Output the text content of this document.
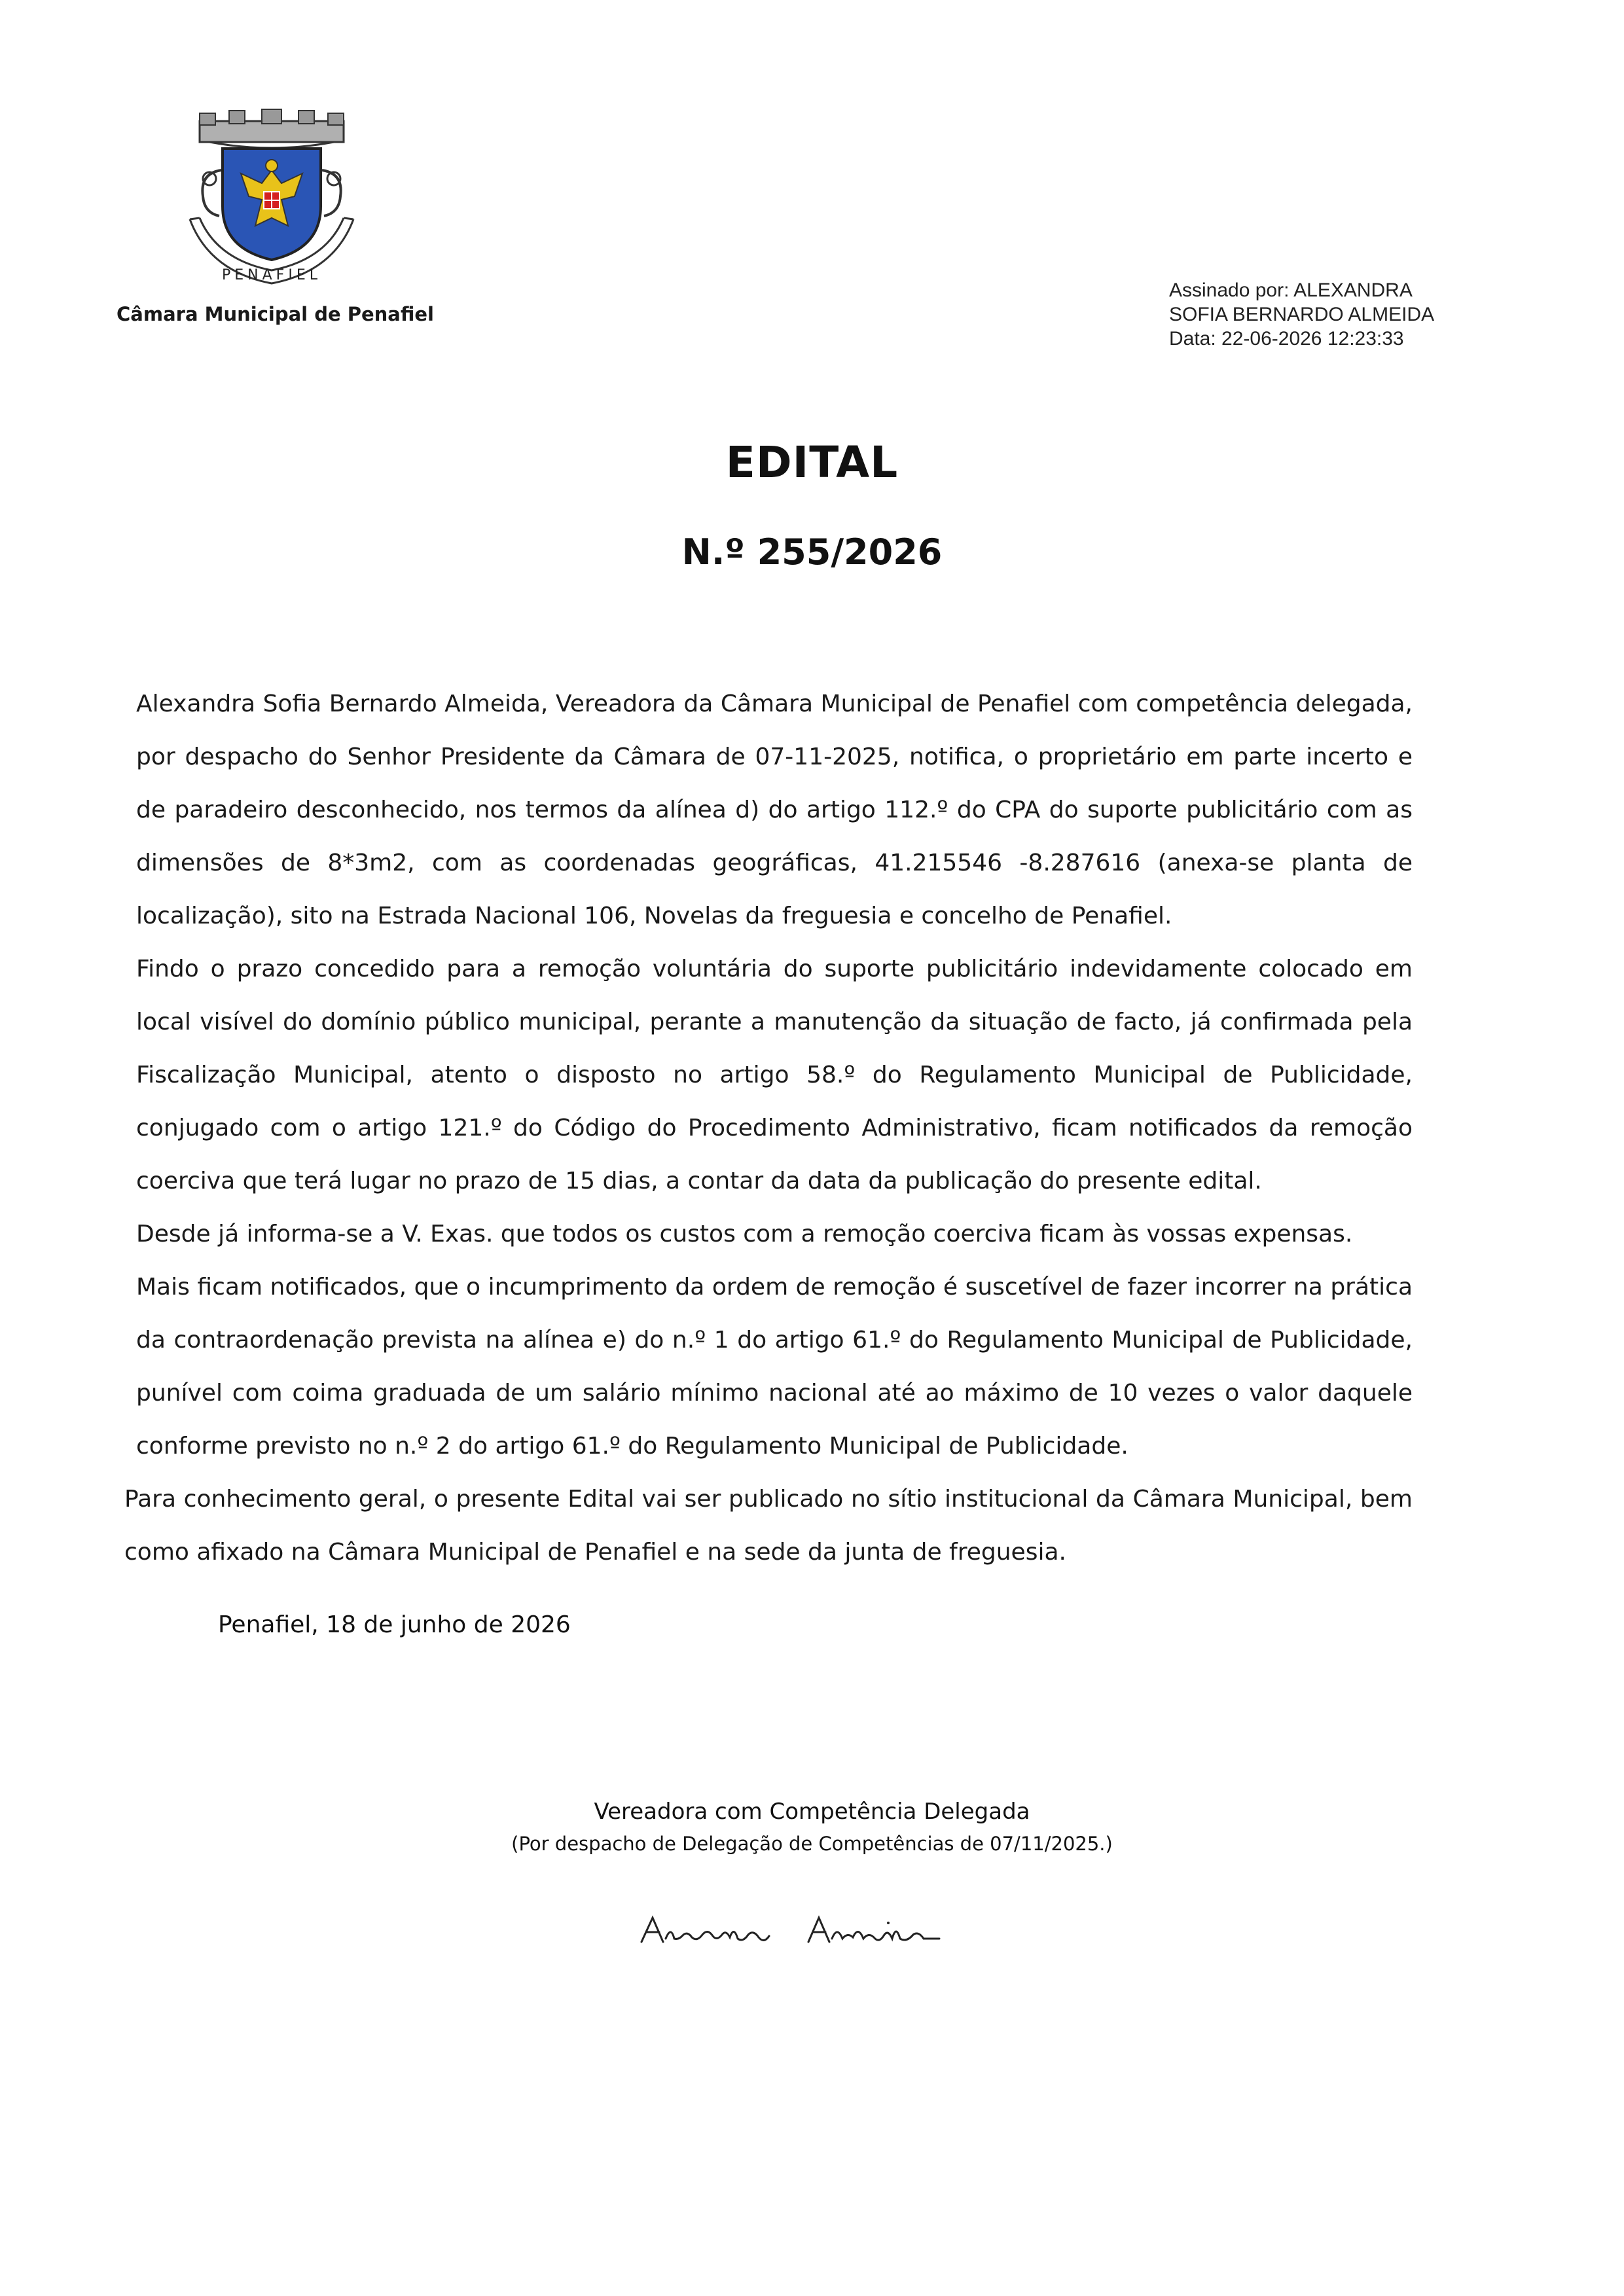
PENAFIEL
Câmara Municipal de Penafiel
Assinado por: ALEXANDRA
SOFIA BERNARDO ALMEIDA
Data: 22-06-2026 12:23:33
EDITAL
N.º 255/2026

Alexandra Sofia Bernardo Almeida, Vereadora da Câmara Municipal de Penafiel com competência delegada, por despacho do Senhor Presidente da Câmara de 07-11-2025, notifica, o proprietário em parte incerto e de paradeiro desconhecido, nos termos da alínea d) do artigo 112.º do CPA do suporte publicitário com as dimensões de 8*3m2, com as coordenadas geográficas, 41.215546 -8.287616 (anexa-se planta de localização), sito na Estrada Nacional 106, Novelas da freguesia e concelho de Penafiel.

Findo o prazo concedido para a remoção voluntária do suporte publicitário indevidamente colocado em local visível do domínio público municipal, perante a manutenção da situação de facto, já confirmada pela Fiscalização Municipal, atento o disposto no artigo 58.º do Regulamento Municipal de Publicidade, conjugado com o artigo 121.º do Código do Procedimento Administrativo, ficam notificados da remoção coerciva que terá lugar no prazo de 15 dias, a contar da data da publicação do presente edital.

Desde já informa-se a V. Exas. que todos os custos com a remoção coerciva ficam às vossas expensas.

Mais ficam notificados, que o incumprimento da ordem de remoção é suscetível de fazer incorrer na prática da contraordenação prevista na alínea e) do n.º 1 do artigo 61.º do Regulamento Municipal de Publicidade, punível com coima graduada de um salário mínimo nacional até ao máximo de 10 vezes o valor daquele conforme previsto no n.º 2 do artigo 61.º do Regulamento Municipal de Publicidade.

Para conhecimento geral, o presente Edital vai ser publicado no sítio institucional da Câmara Municipal, bem como afixado na Câmara Municipal de Penafiel e na sede da junta de freguesia.

Penafiel, 18 de junho de 2026
Vereadora com Competência Delegada
(Por despacho de Delegação de Competências de 07/11/2025.)
